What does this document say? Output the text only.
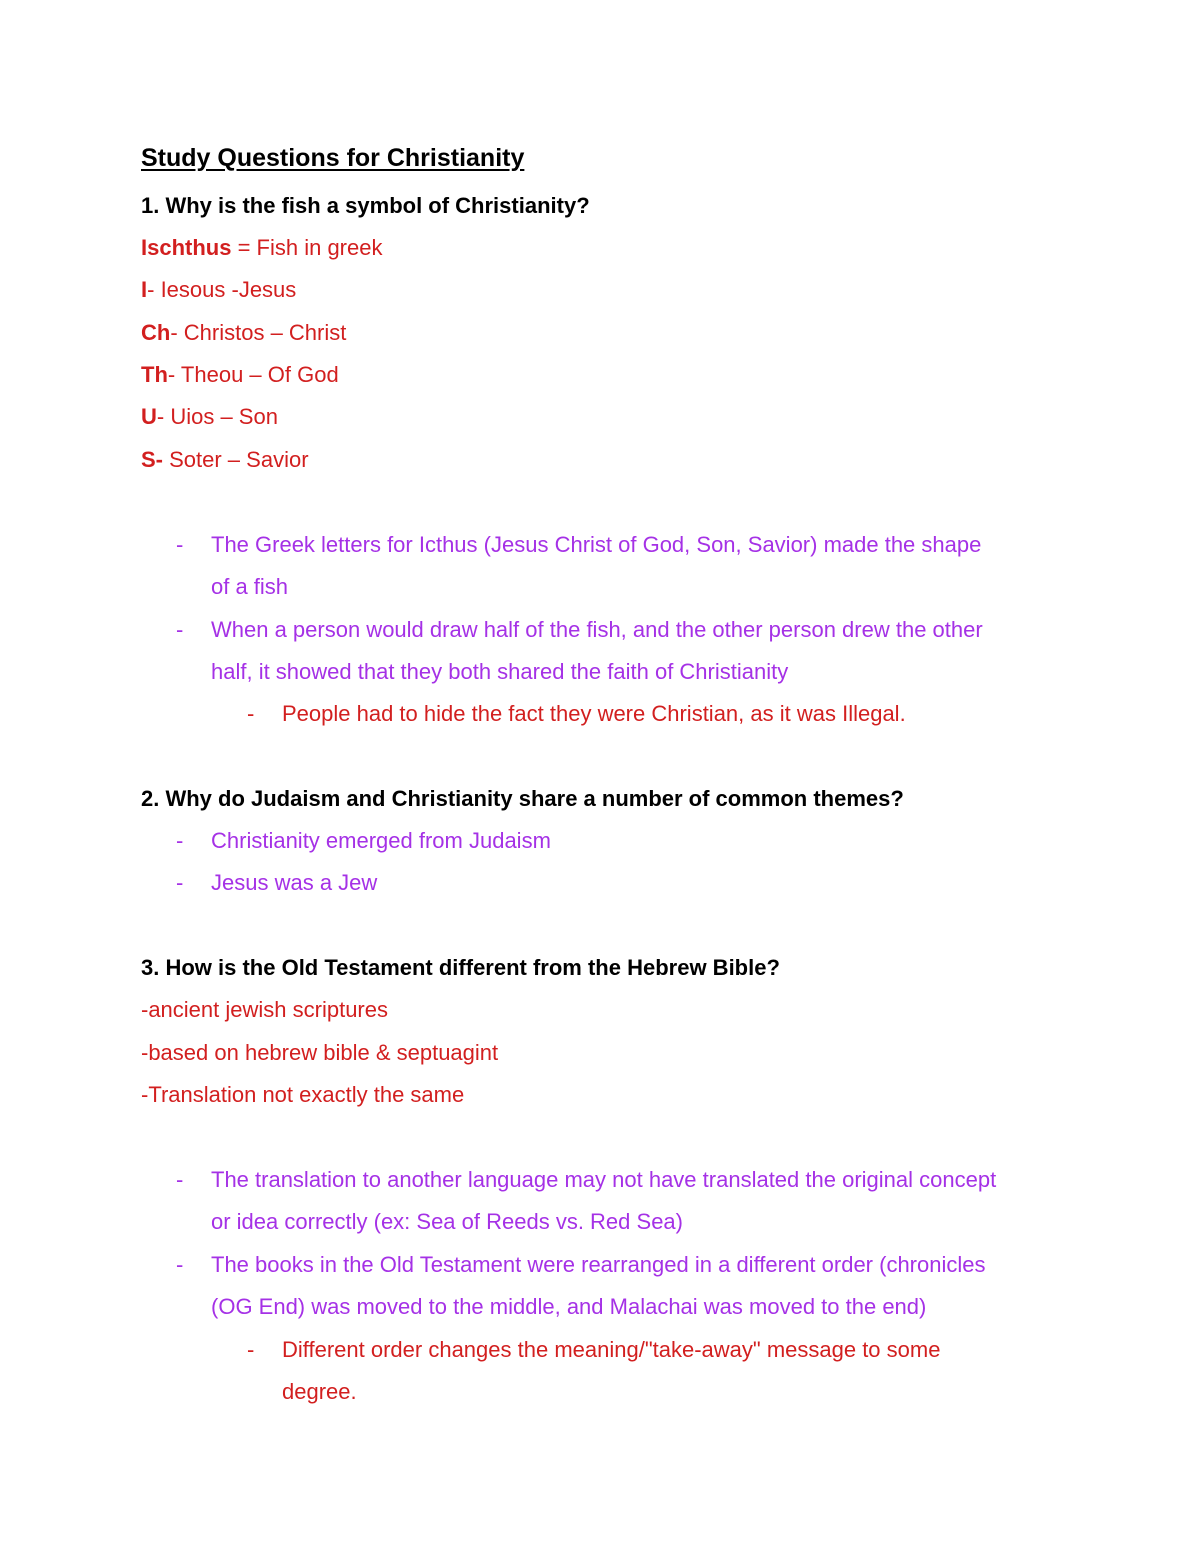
Study Questions for Christianity
1. Why is the fish a symbol of Christianity?
Ischthus = Fish in greek
I- Iesous -Jesus
Ch- Christos – Christ
Th- Theou – Of God
U- Uios – Son
S- Soter – Savior
- The Greek letters for Icthus (Jesus Christ of God, Son, Savior) made the shape
of a fish
- When a person would draw half of the fish, and the other person drew the other
half, it showed that they both shared the faith of Christianity
- People had to hide the fact they were Christian, as it was Illegal.
2. Why do Judaism and Christianity share a number of common themes?
- Christianity emerged from Judaism
- Jesus was a Jew
3. How is the Old Testament different from the Hebrew Bible?
-ancient jewish scriptures
-based on hebrew bible & septuagint
-Translation not exactly the same
- The translation to another language may not have translated the original concept
or idea correctly (ex: Sea of Reeds vs. Red Sea)
- The books in the Old Testament were rearranged in a different order (chronicles
(OG End) was moved to the middle, and Malachai was moved to the end)
- Different order changes the meaning/"take-away" message to some
degree.
